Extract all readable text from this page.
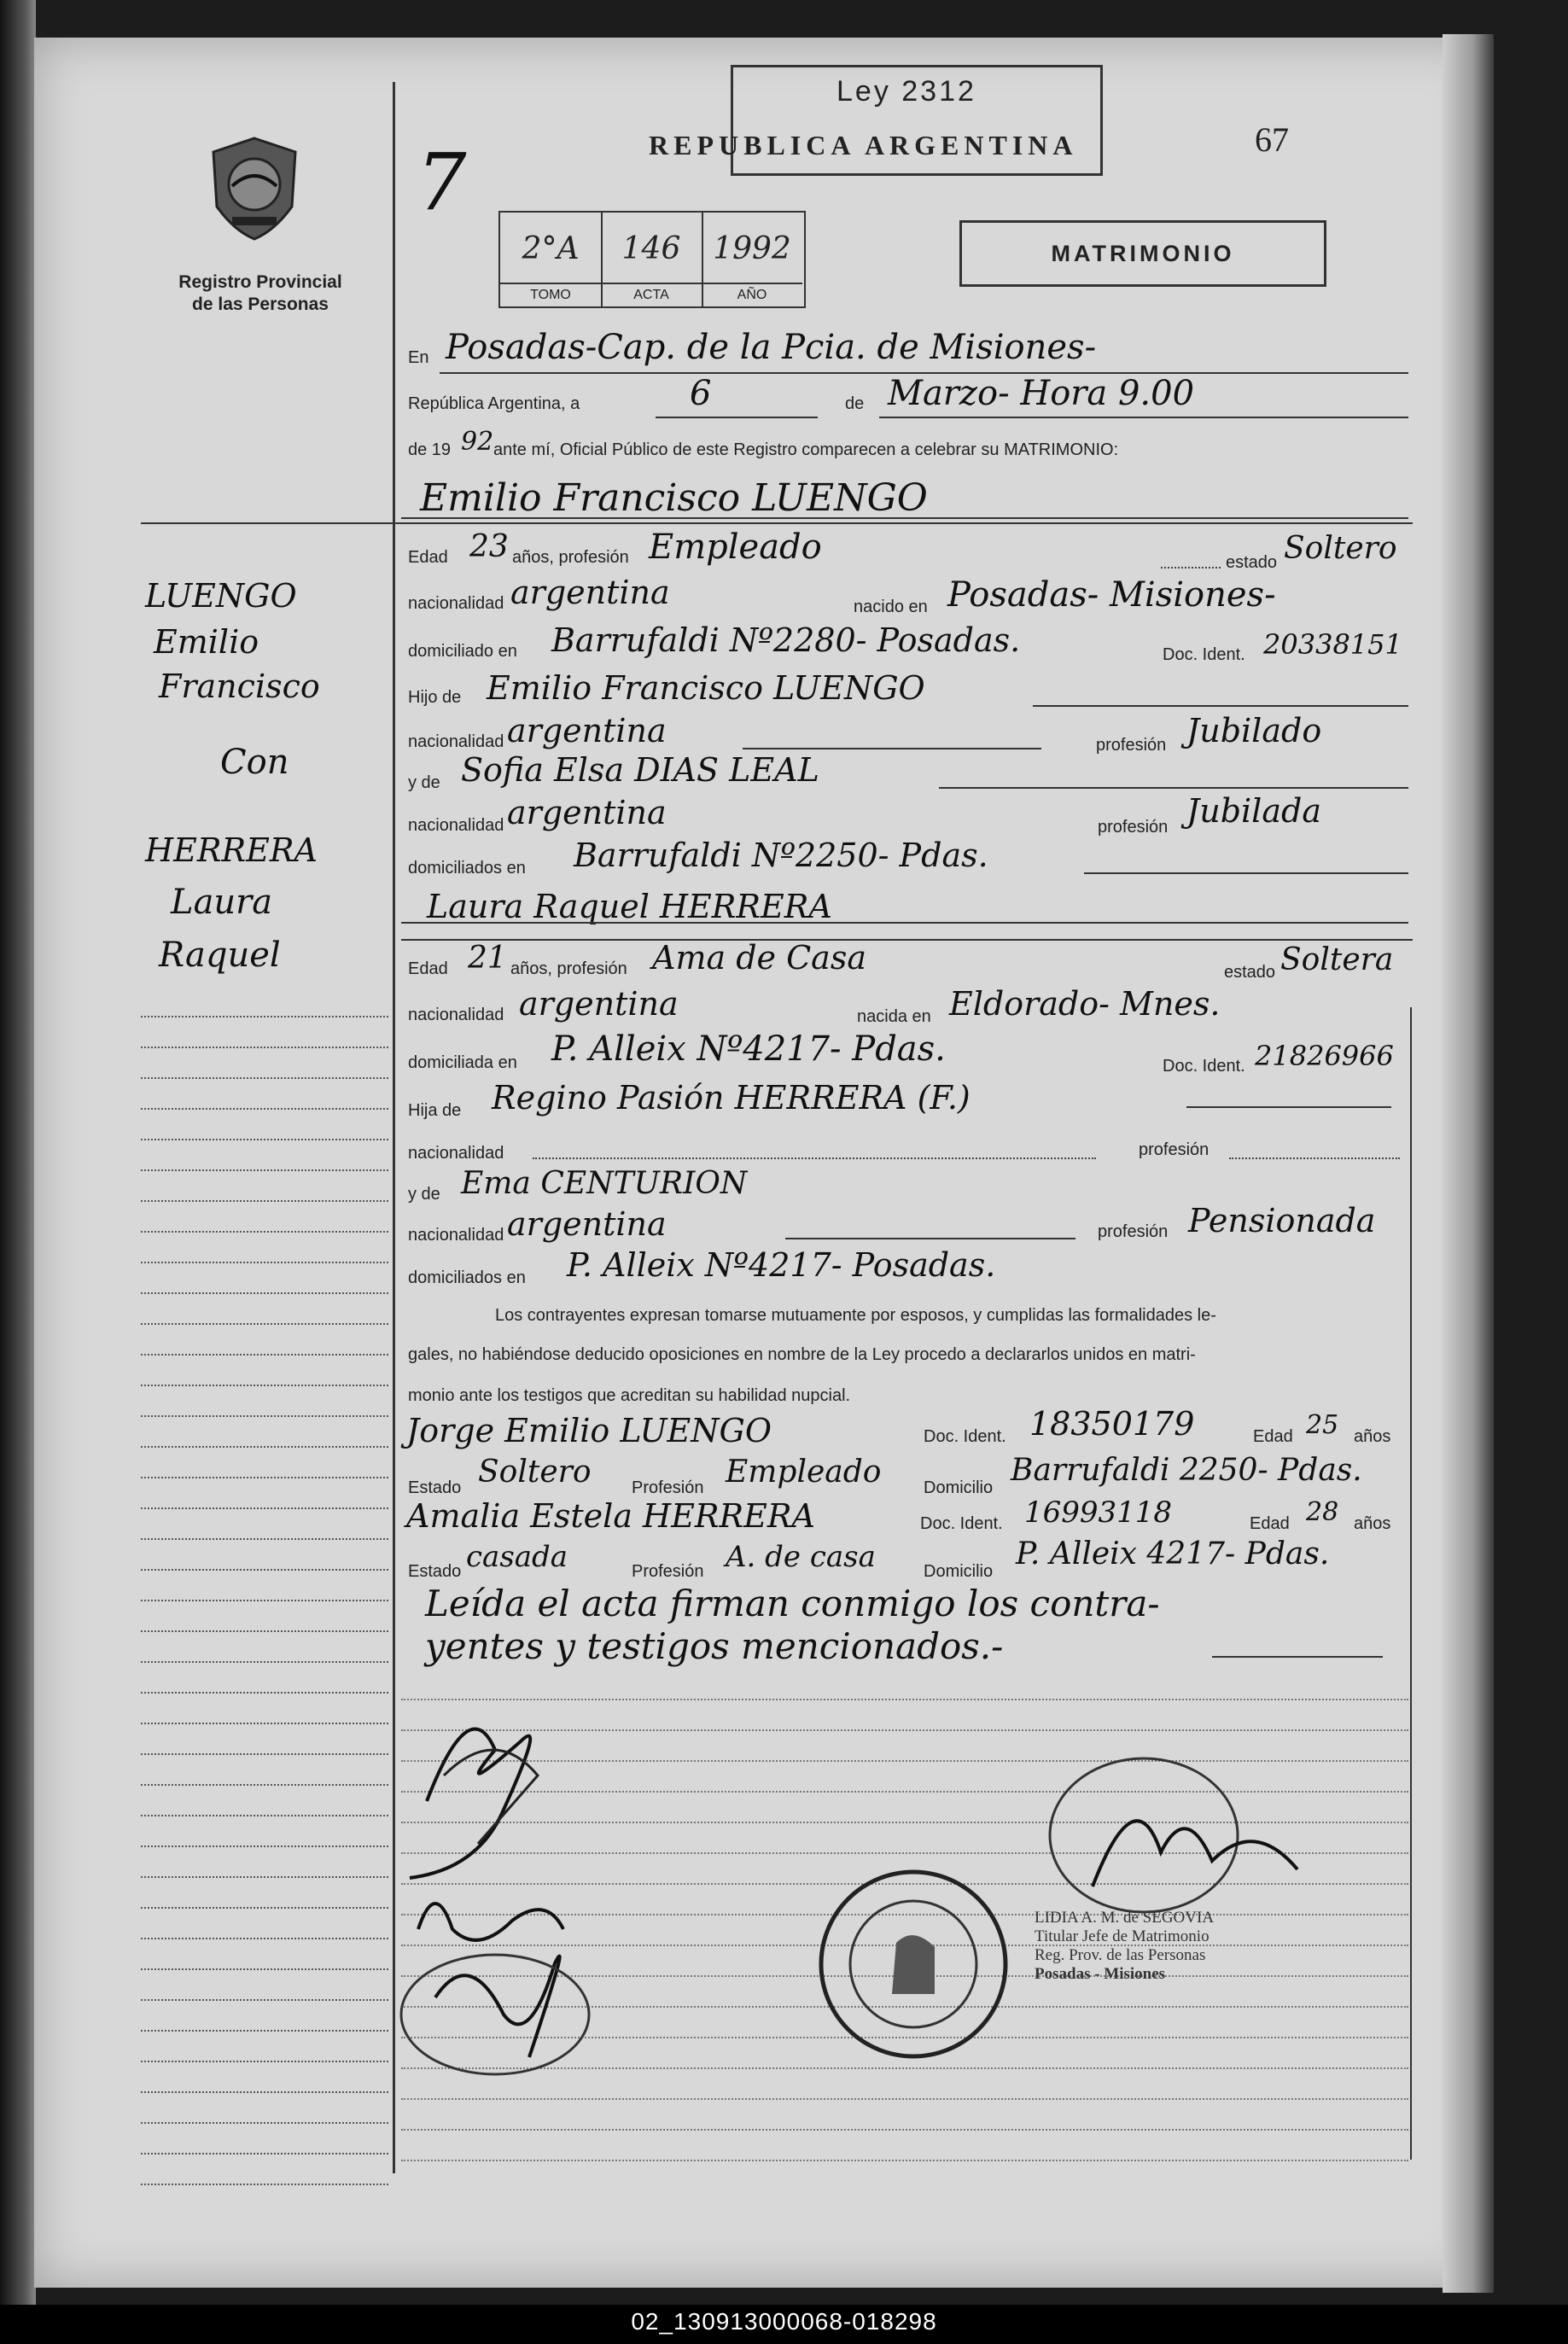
Ley 2312
REPUBLICA ARGENTINA	67
7
MATRIMONIO
2°A	146	1992
TOMO	ACTA	AÑO
Registro Provincial
de las Personas
En Posadas-Cap. de la Pcia. de Misiones-
República Argentina, a	6	de Marzo- Hora 9.00
de 19 92 ante mí, Oficial Público de este Registro comparecen a celebrar su MATRIMONIO:
Emilio Francisco LUENGO
Edad 23 años, profesión Empleado	estado Soltero
nacionalidad argentina	nacido en Posadas- Misiones-
domiciliado en Barrufaldi Nº2280- Posadas.	Doc. Ident. 20338151
Hijo de Emilio Francisco LUENGO
nacionalidad argentina	profesión Jubilado
y de Sofia Elsa DIAS LEAL
nacionalidad argentina	profesión Jubilada
domiciliados en Barrufaldi Nº2250- Pdas.
Laura Raquel HERRERA
Edad 21 años, profesión Ama de Casa	estado Soltera
nacionalidad argentina	nacida en Eldorado- Mnes.
domiciliada en P. Alleix Nº4217- Pdas.	Doc. Ident. 21826966
Hija de Regino Pasión HERRERA (F.)
nacionalidad	profesión
y de Ema CENTURION
nacionalidad argentina	profesión Pensionada
domiciliados en P. Alleix Nº4217- Posadas.
Los contrayentes expresan tomarse mutuamente por esposos, y cumplidas las formalidades le-
gales, no habiéndose deducido oposiciones en nombre de la Ley procedo a declararlos unidos en matri-
monio ante los testigos que acreditan su habilidad nupcial.
Jorge Emilio LUENGO	Doc. Ident. 18350179	Edad 25 años
Estado Soltero Profesión Empleado Domicilio Barrufaldi 2250- Pdas.
Amalia Estela HERRERA	Doc. Ident. 16993118	Edad 28 años
Estado casada	Profesión A. de casa	Domicilio P. Alleix 4217- Pdas.
Leída el acta firman conmigo los contra-
yentes y testigos mencionados.-
LUENGO
Emilio
Francisco
Con
HERRERA
Laura
Raquel
LIDIA A. M. de SEGOVIA
Titular Jefe de Matrimonio
Reg. Prov. de las Personas
Posadas - Misiones
02_130913000068-018298
